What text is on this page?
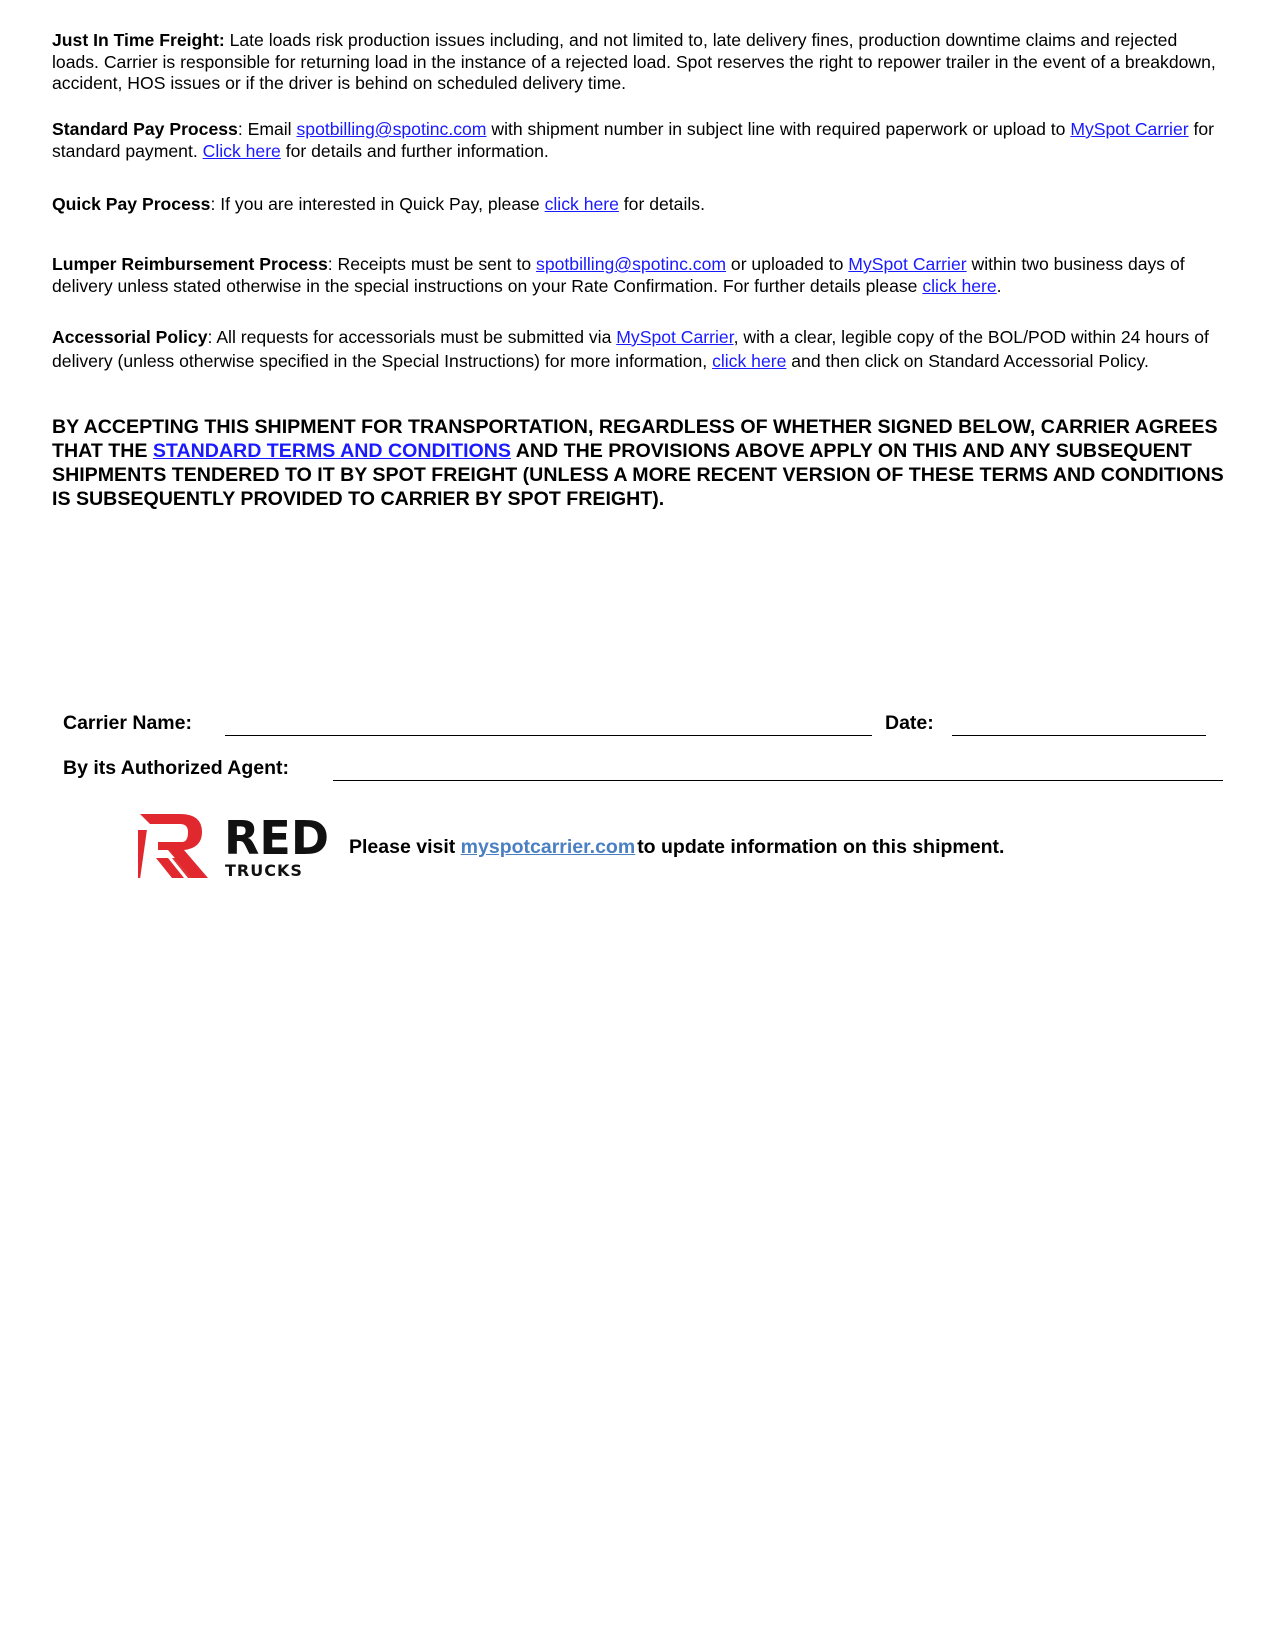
Just In Time Freight: Late loads risk production issues including, and not limited to, late delivery fines, production downtime claims and rejected loads. Carrier is responsible for returning load in the instance of a rejected load. Spot reserves the right to repower trailer in the event of a breakdown, accident, HOS issues or if the driver is behind on scheduled delivery time.

Standard Pay Process: Email spotbilling@spotinc.com with shipment number in subject line with required paperwork or upload to MySpot Carrier for standard payment. Click here for details and further information.

Quick Pay Process: If you are interested in Quick Pay, please click here for details.

Lumper Reimbursement Process: Receipts must be sent to spotbilling@spotinc.com or uploaded to MySpot Carrier within two business days of delivery unless stated otherwise in the special instructions on your Rate Confirmation. For further details please click here.

Accessorial Policy: All requests for accessorials must be submitted via MySpot Carrier, with a clear, legible copy of the BOL/POD within 24 hours of delivery (unless otherwise specified in the Special Instructions) for more information, click here and then click on Standard Accessorial Policy.

BY ACCEPTING THIS SHIPMENT FOR TRANSPORTATION, REGARDLESS OF WHETHER SIGNED BELOW, CARRIER AGREES THAT THE STANDARD TERMS AND CONDITIONS AND THE PROVISIONS ABOVE APPLY ON THIS AND ANY SUBSEQUENT SHIPMENTS TENDERED TO IT BY SPOT FREIGHT (UNLESS A MORE RECENT VERSION OF THESE TERMS AND CONDITIONS IS SUBSEQUENTLY PROVIDED TO CARRIER BY SPOT FREIGHT).

Carrier Name:	Date:
By its Authorized Agent:
RED
TRUCKS
Please visit myspotcarrier.com to update information on this shipment.
